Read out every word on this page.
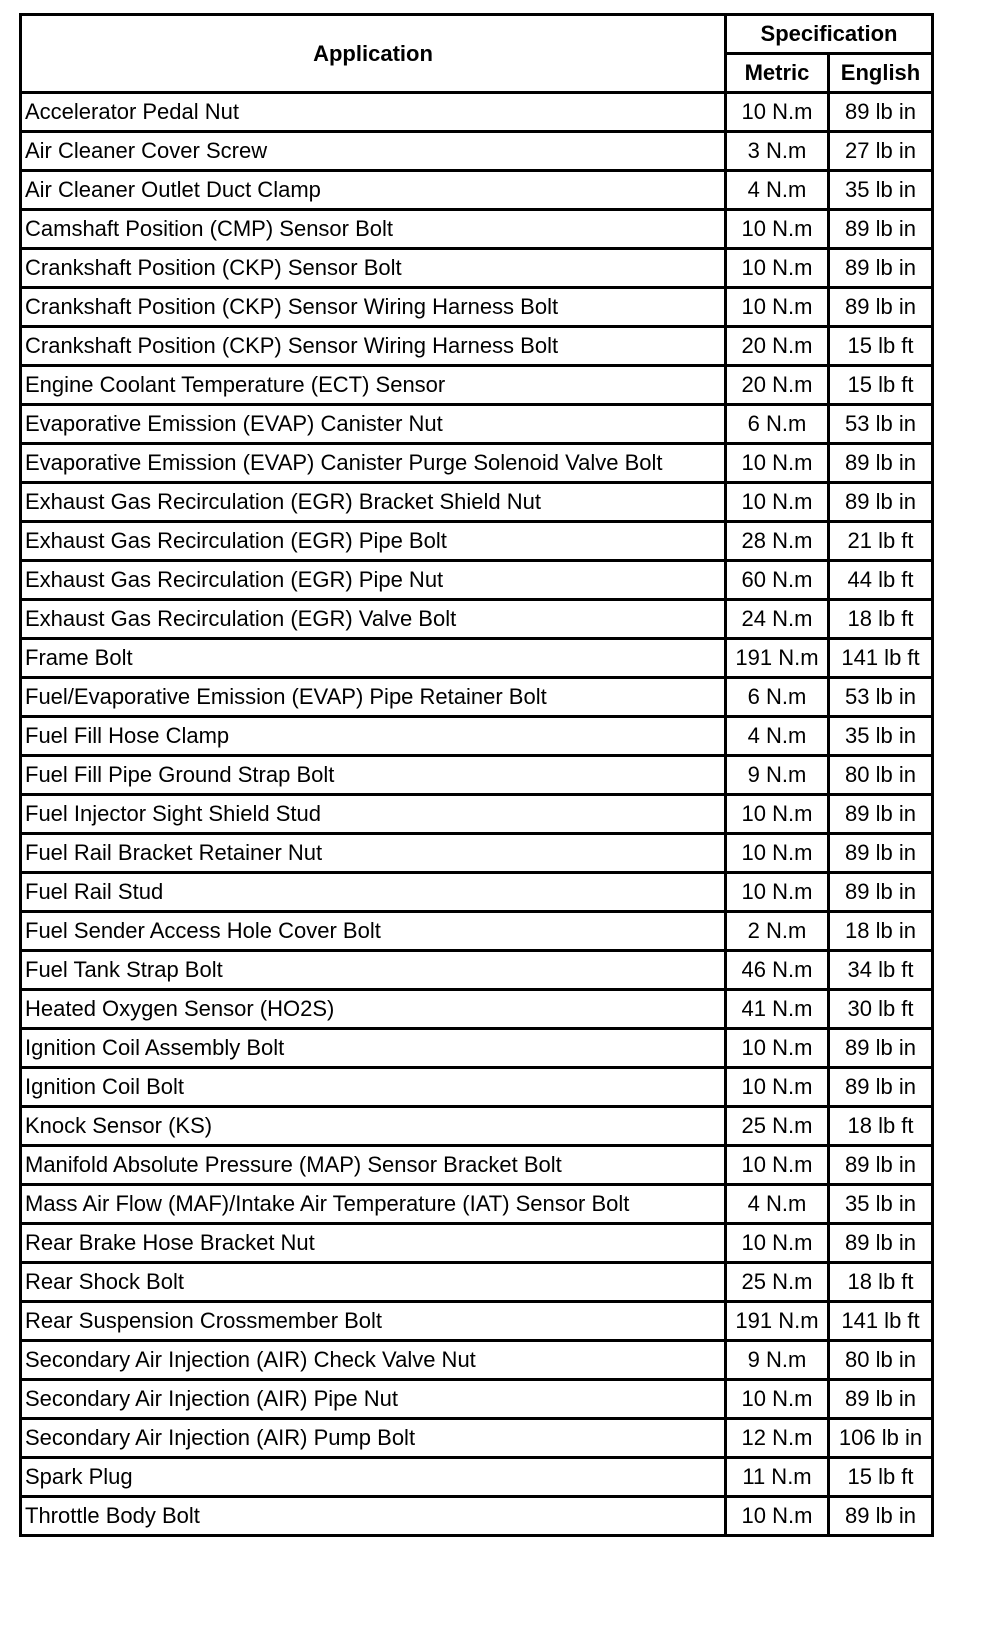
Application	Specification	
	Metric	English
Accelerator Pedal Nut	10 N.m	89 lb in
Air Cleaner Cover Screw	3 N.m	27 lb in
Air Cleaner Outlet Duct Clamp	4 N.m	35 lb in
Camshaft Position (CMP) Sensor Bolt	10 N.m	89 lb in
Crankshaft Position (CKP) Sensor Bolt	10 N.m	89 lb in
Crankshaft Position (CKP) Sensor Wiring Harness Bolt	10 N.m	89 lb in
Crankshaft Position (CKP) Sensor Wiring Harness Bolt	20 N.m	15 lb ft
Engine Coolant Temperature (ECT) Sensor	20 N.m	15 lb ft
Evaporative Emission (EVAP) Canister Nut	6 N.m	53 lb in
Evaporative Emission (EVAP) Canister Purge Solenoid Valve Bolt	10 N.m	89 lb in
Exhaust Gas Recirculation (EGR) Bracket Shield Nut	10 N.m	89 lb in
Exhaust Gas Recirculation (EGR) Pipe Bolt	28 N.m	21 lb ft
Exhaust Gas Recirculation (EGR) Pipe Nut	60 N.m	44 lb ft
Exhaust Gas Recirculation (EGR) Valve Bolt	24 N.m	18 lb ft
Frame Bolt	191 N.m	141 lb ft
Fuel/Evaporative Emission (EVAP) Pipe Retainer Bolt	6 N.m	53 lb in
Fuel Fill Hose Clamp	4 N.m	35 lb in
Fuel Fill Pipe Ground Strap Bolt	9 N.m	80 lb in
Fuel Injector Sight Shield Stud	10 N.m	89 lb in
Fuel Rail Bracket Retainer Nut	10 N.m	89 lb in
Fuel Rail Stud	10 N.m	89 lb in
Fuel Sender Access Hole Cover Bolt	2 N.m	18 lb in
Fuel Tank Strap Bolt	46 N.m	34 lb ft
Heated Oxygen Sensor (HO2S)	41 N.m	30 lb ft
Ignition Coil Assembly Bolt	10 N.m	89 lb in
Ignition Coil Bolt	10 N.m	89 lb in
Knock Sensor (KS)	25 N.m	18 lb ft
Manifold Absolute Pressure (MAP) Sensor Bracket Bolt	10 N.m	89 lb in
Mass Air Flow (MAF)/Intake Air Temperature (IAT) Sensor Bolt	4 N.m	35 lb in
Rear Brake Hose Bracket Nut	10 N.m	89 lb in
Rear Shock Bolt	25 N.m	18 lb ft
Rear Suspension Crossmember Bolt	191 N.m	141 lb ft
Secondary Air Injection (AIR) Check Valve Nut	9 N.m	80 lb in
Secondary Air Injection (AIR) Pipe Nut	10 N.m	89 lb in
Secondary Air Injection (AIR) Pump Bolt	12 N.m	106 lb in
Spark Plug	11 N.m	15 lb ft
Throttle Body Bolt	10 N.m	89 lb in
